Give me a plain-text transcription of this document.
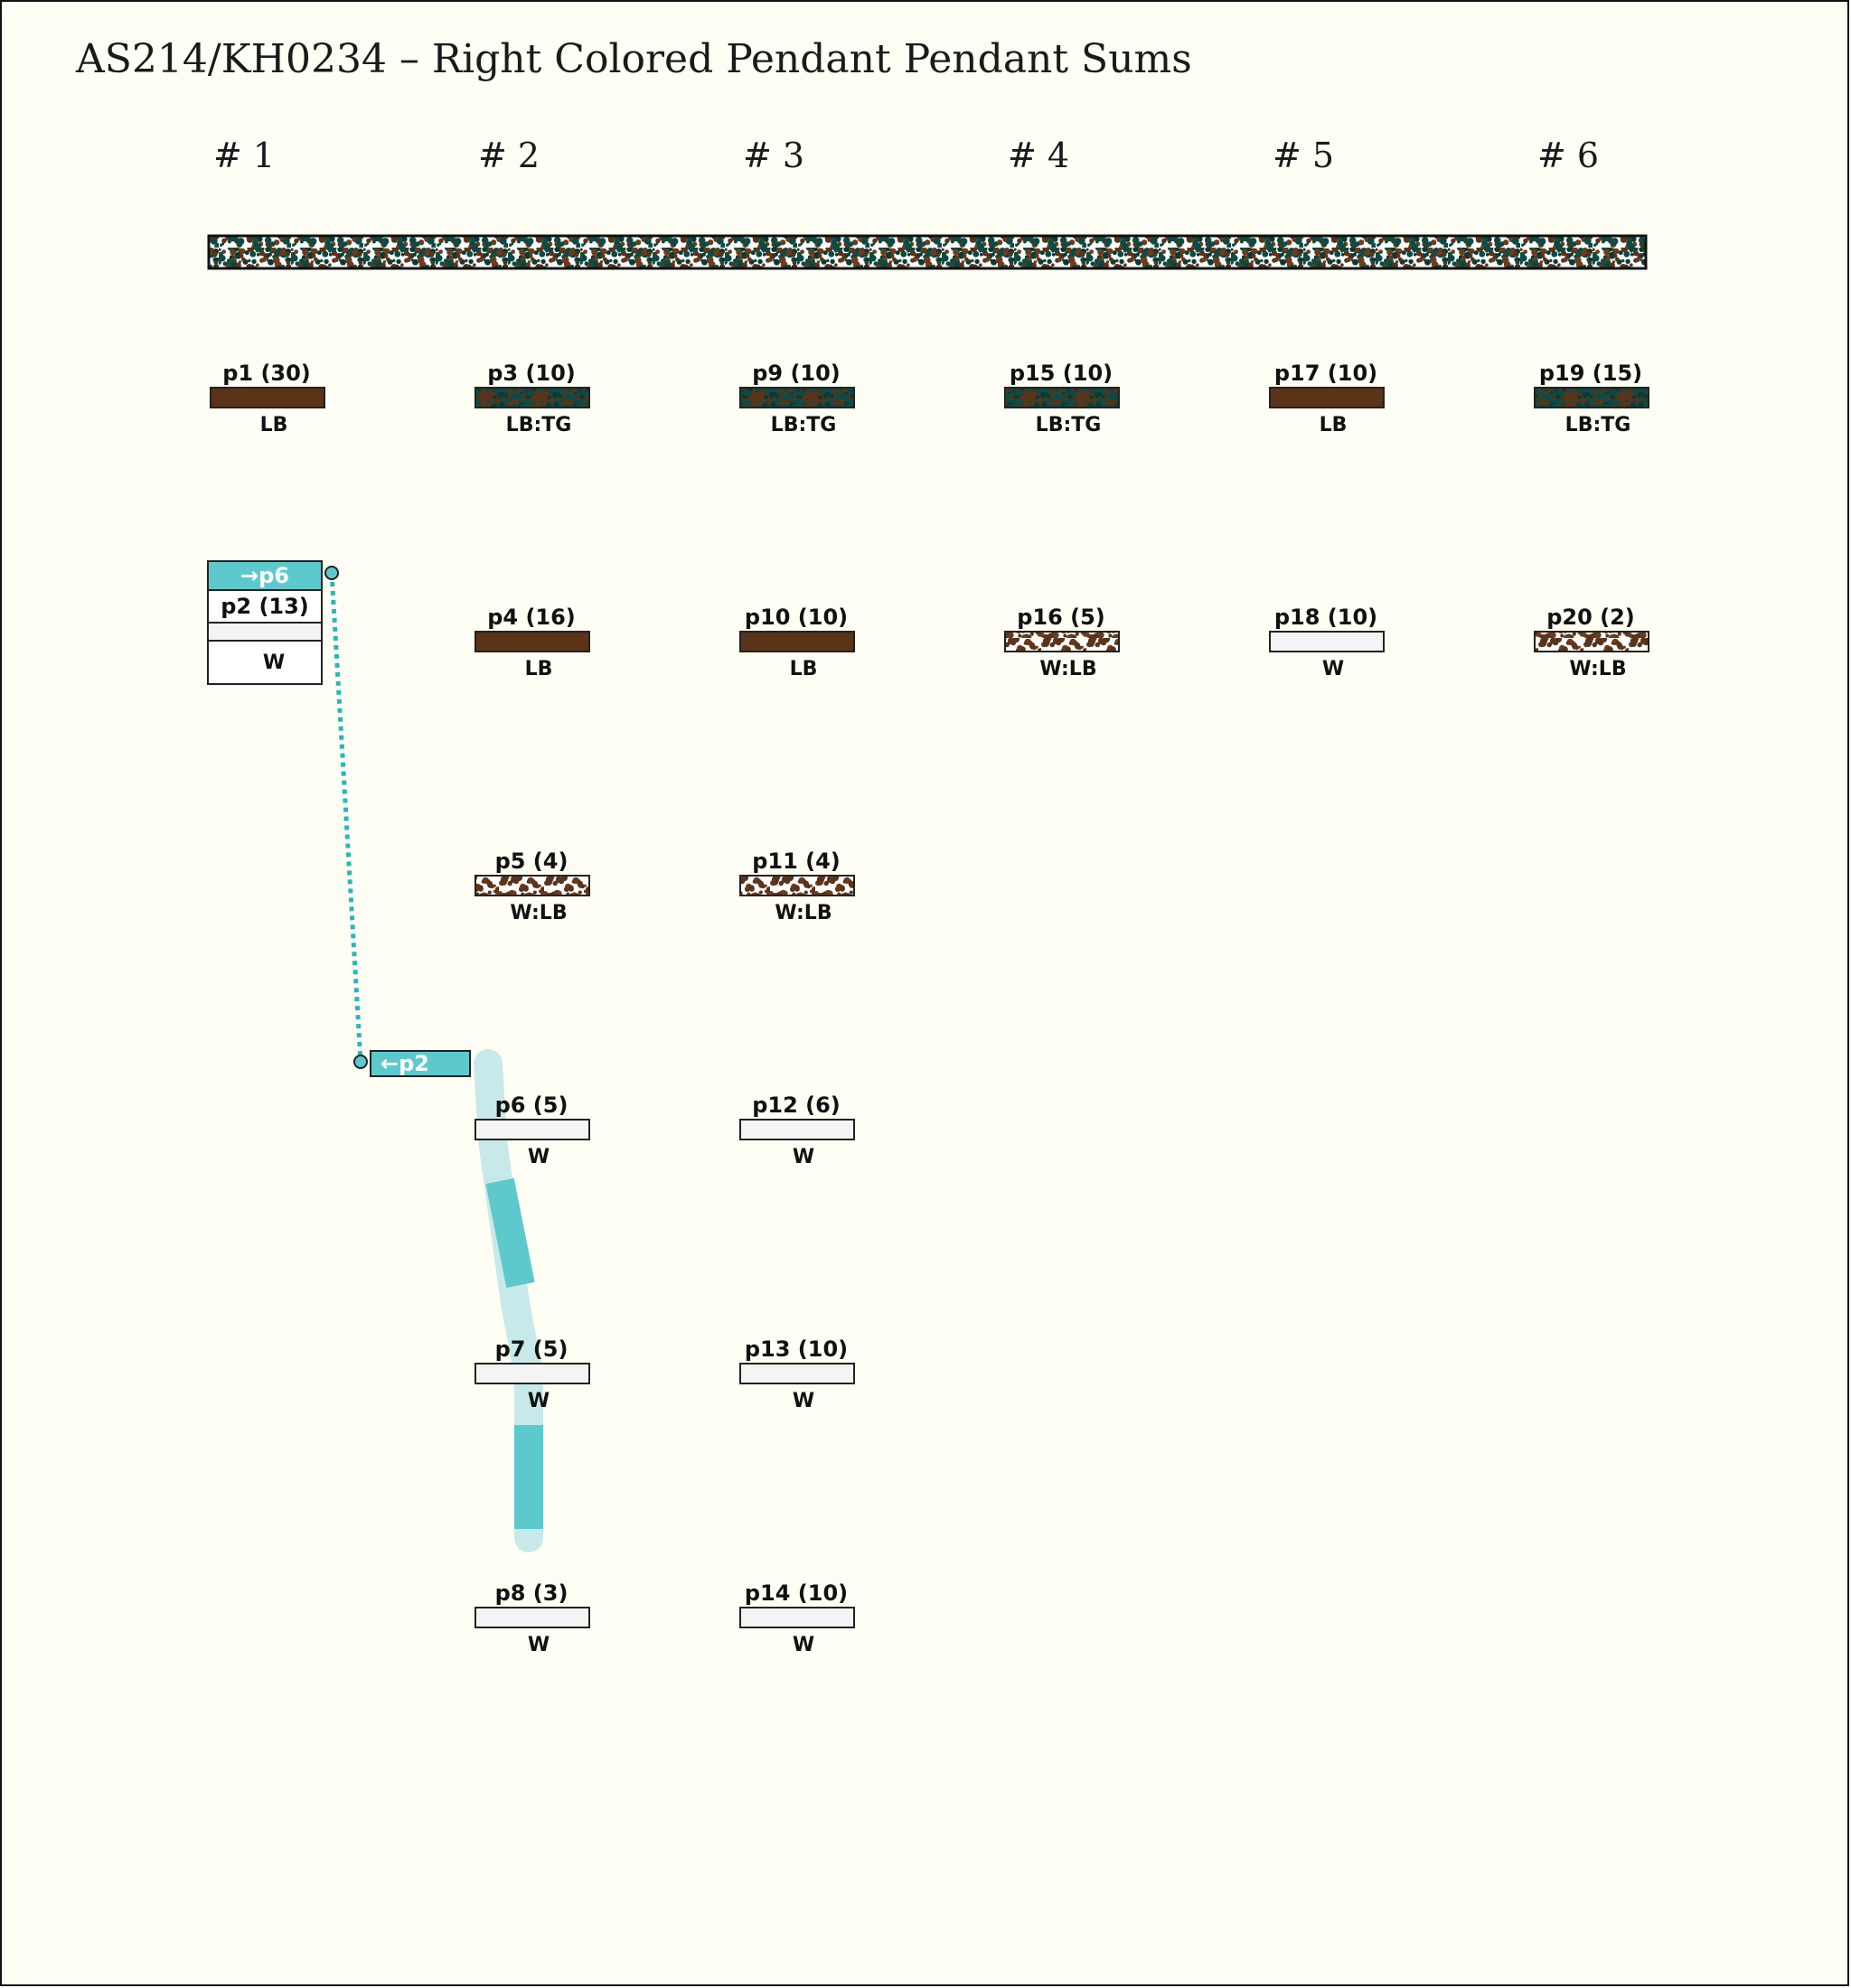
AS214/KH0234 – Right Colored Pendant Pendant Sums
# 1	# 2	# 3	# 4	# 5	# 6
p1 (30)
LB
→p6
p2 (13)
W
p3 (10)
LB:TG
p4 (16)
LB
p5 (4)
W:LB
p6 (5)
W
p7 (5)
W
p8 (3)
W
p9 (10)
LB:TG
p10 (10)
LB
p11 (4)
W:LB
p12 (6)
W
p13 (10)
W
p14 (10)
W
p15 (10)
LB:TG
p16 (5)
W:LB
p17 (10)
LB
p18 (10)
W
p19 (15)
LB:TG
p20 (2)
W:LB
←p2
